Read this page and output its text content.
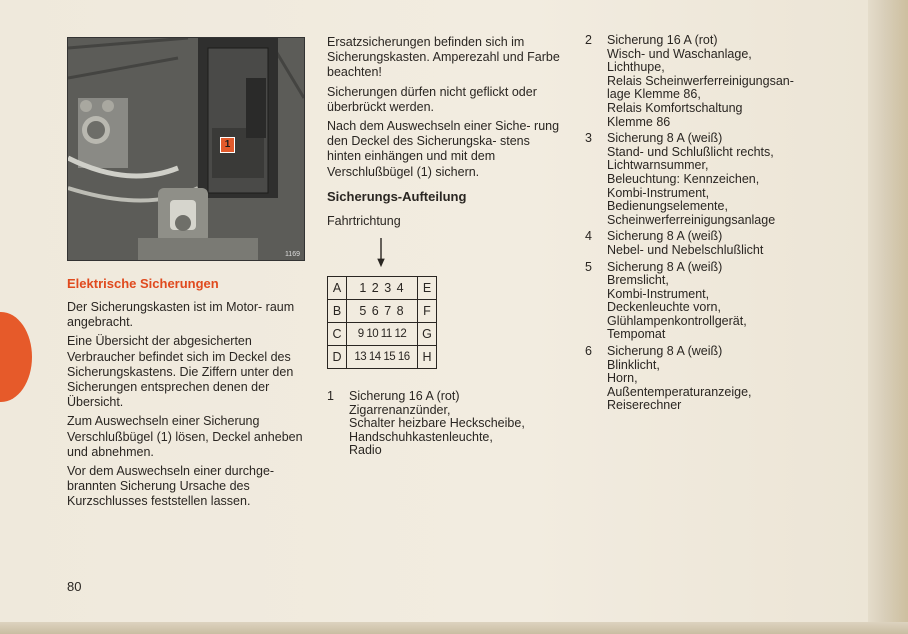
1
1169
Elektrische Sicherungen

Der Sicherungskasten ist im Motor- raum angebracht.

Eine Übersicht der abgesicherten Verbraucher befindet sich im Deckel des Sicherungskastens. Die Ziffern unter den Sicherungen entsprechen denen der Übersicht.

Zum Auswechseln einer Sicherung Verschlußbügel (1) lösen, Deckel anheben und abnehmen.

Vor dem Auswechseln einer durchge- brannten Sicherung Ursache des Kurzschlusses feststellen lassen.

Ersatzsicherungen befinden sich im Sicherungskasten. Amperezahl und Farbe beachten!

Sicherungen dürfen nicht geflickt oder überbrückt werden.

Nach dem Auswechseln einer Siche- rung den Deckel des Sicherungska- stens hinten einhängen und mit dem Verschlußbügel (1) sichern.

Sicherungs-Aufteilung
Fahrtrichtung
A	1 2 3 4	E
B	5 6 7 8	F
C	9 10 11 12	G
D	13 14 15 16	H
1	Sicherung 16 A (rot)
Zigarrenanzünder,
Schalter heizbare Heckscheibe,
Handschuhkastenleuchte,
Radio
2	Sicherung 16 A (rot)
Wisch- und Waschanlage,
Lichthupe,
Relais Scheinwerferreinigungsan-
lage Klemme 86,
Relais Komfortschaltung
Klemme 86
3	Sicherung 8 A (weiß)
Stand- und Schlußlicht rechts,
Lichtwarnsummer,
Beleuchtung: Kennzeichen,
Kombi-Instrument,
Bedienungselemente,
Scheinwerferreinigungsanlage
4	Sicherung 8 A (weiß)
Nebel- und Nebelschlußlicht
5	Sicherung 8 A (weiß)
Bremslicht,
Kombi-Instrument,
Deckenleuchte vorn,
Glühlampenkontrollgerät,
Tempomat
6	Sicherung 8 A (weiß)
Blinklicht,
Horn,
Außentemperaturanzeige,
Reiserechner
80
